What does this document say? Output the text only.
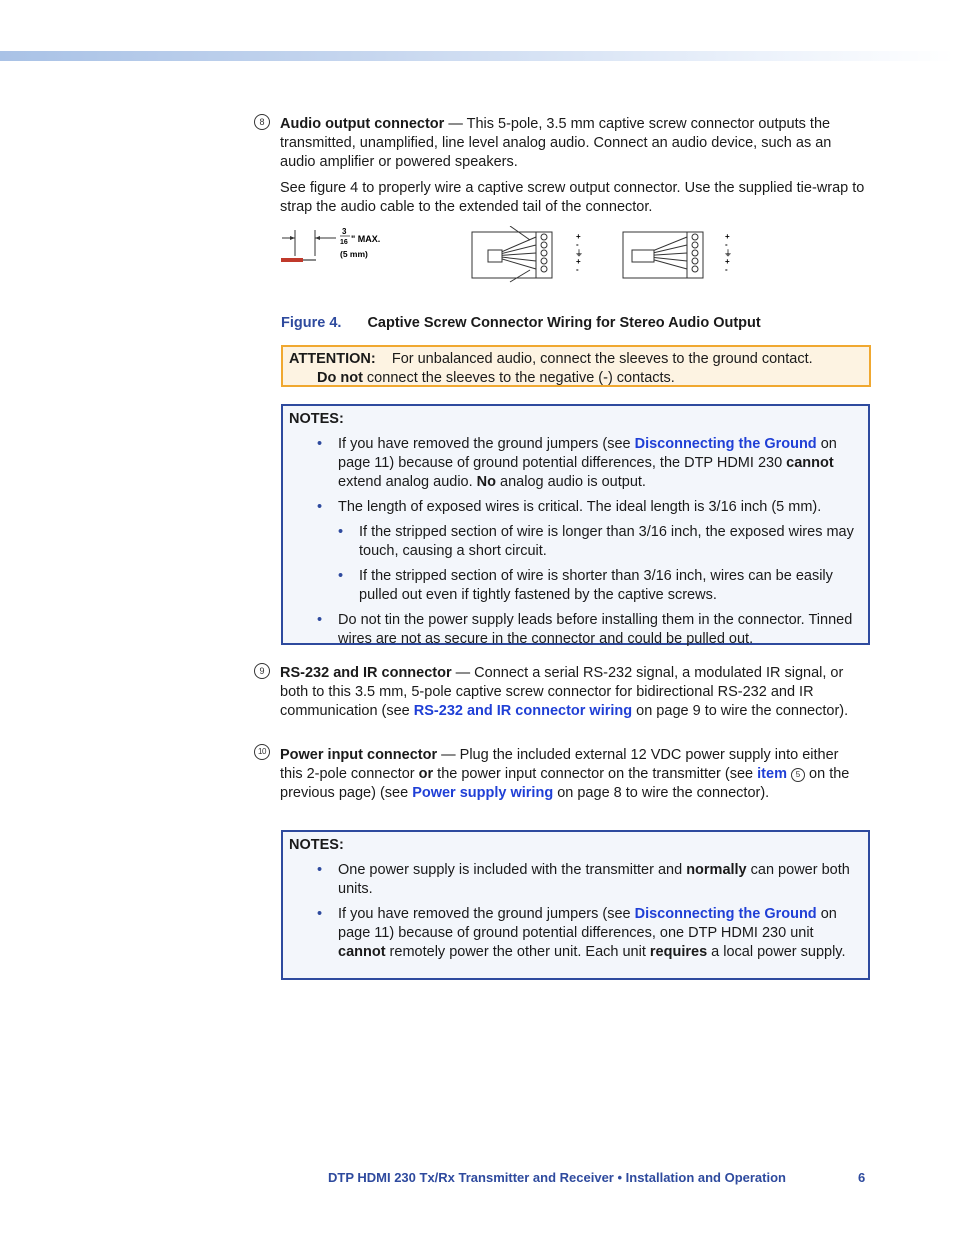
8	Audio output connector — This 5-pole, 3.5 mm captive screw connector outputs the transmitted, unamplified, line level analog audio. Connect an audio device, such as an audio amplifier or powered speakers.

See figure 4 to properly wire a captive screw output connector. Use the supplied tie-wrap to strap the audio cable to the extended tail of the connector.

3
16 " MAX.
(5 mm)
+
-
⏚
+
-
+
-
⏚
+
-
Figure 4. Captive Screw Connector Wiring for Stereo Audio Output
ATTENTION: For unbalanced audio, connect the sleeves to the ground contact.
Do not connect the sleeves to the negative (-) contacts.
NOTES:
• If you have removed the ground jumpers (see Disconnecting the Ground on page 11) because of ground potential differences, the DTP HDMI 230 cannot extend analog audio. No analog audio is output.
• The length of exposed wires is critical. The ideal length is 3/16 inch (5 mm).
• If the stripped section of wire is longer than 3/16 inch, the exposed wires may touch, causing a short circuit.
• If the stripped section of wire is shorter than 3/16 inch, wires can be easily pulled out even if tightly fastened by the captive screws.
• Do not tin the power supply leads before installing them in the connector. Tinned wires are not as secure in the connector and could be pulled out.
9	RS-232 and IR connector — Connect a serial RS-232 signal, a modulated IR signal, or both to this 3.5 mm, 5-pole captive screw connector for bidirectional RS-232 and IR communication (see RS-232 and IR connector wiring on page 9 to wire the connector).

10 Power input connector — Plug the included external 12 VDC power supply into either this 2-pole connector or the power input connector on the transmitter (see item 5 on the previous page) (see Power supply wiring on page 8 to wire the connector).

NOTES:
• One power supply is included with the transmitter and normally can power both units.
• If you have removed the ground jumpers (see Disconnecting the Ground on page 11) because of ground potential differences, one DTP HDMI 230 unit cannot remotely power the other unit. Each unit requires a local power supply.
DTP HDMI 230 Tx/Rx Transmitter and Receiver • Installation and Operation	6
